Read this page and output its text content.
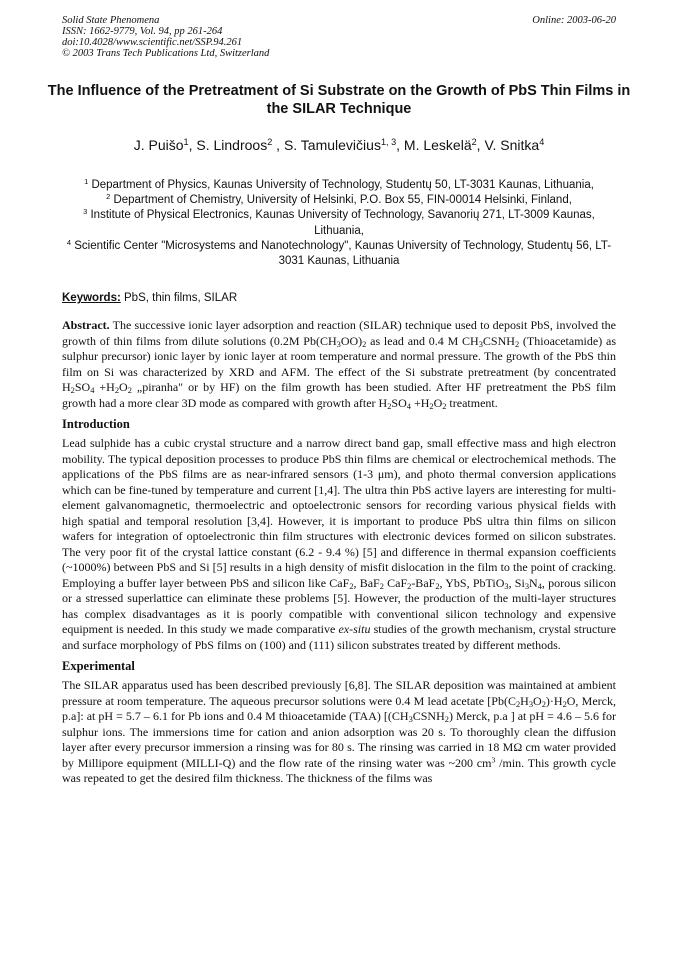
Solid State Phenomena
ISSN: 1662-9779, Vol. 94, pp 261-264
doi:10.4028/www.scientific.net/SSP.94.261
© 2003 Trans Tech Publications Ltd, Switzerland
Online: 2003-06-20
The Influence of the Pretreatment of Si Substrate on the Growth of PbS Thin Films in the SILAR Technique
J. Puišo$^1$, S. Lindroos$^2$ , S. Tamulevičius$^{1, 3}$, M. Leskelä$^2$, V. Snitka$^4$

$^1$ Department of Physics, Kaunas University of Technology, Studentų 50, LT-3031 Kaunas, Lithuania,

$^2$ Department of Chemistry, University of Helsinki, P.O. Box 55, FIN-00014 Helsinki, Finland,

$^3$ Institute of Physical Electronics, Kaunas University of Technology, Savanorių 271, LT-3009 Kaunas, Lithuania,

$^4$ Scientific Center "Microsystems and Nanotechnology", Kaunas University of Technology, Studentų 56, LT-3031 Kaunas, Lithuania

Keywords: PbS, thin films, SILAR

Abstract. The successive ionic layer adsorption and reaction (SILAR) technique used to deposit PbS, involved the growth of thin films from dilute solutions (0.2M $Pb(CH_3OO)_2$ as lead and 0.4 M $CH_3CSNH_2$ (Thioacetamide) as sulphur precursor) ionic layer by ionic layer at room temperature and normal pressure. The growth of the PbS thin film on Si was characterized by XRD and AFM. The effect of the Si substrate pretreatment (by concentrated $H_2SO_4 +H_2O_2$ „piranha" or by HF) on the film growth has been studied. After HF pretreatment the PbS film growth had a more clear 3D mode as compared with growth after $H_2SO_4 +H_2O_2$ treatment.

Introduction

Lead sulphide has a cubic crystal structure and a narrow direct band gap, small effective mass and high electron mobility. The typical deposition processes to produce PbS thin films are chemical or electrochemical methods. The applications of the PbS films are as near-infrared sensors (1-3 μm), and photo thermal conversion applications which can be fine-tuned by temperature and current [1,4]. The ultra thin PbS active layers are interesting for multi-element galvanomagnetic, thermoelectric and optoelectronic sensors for recording various physical fields with high spatial and temporal resolution [3,4]. However, it is important to produce PbS ultra thin films on silicon wafers for integration of optoelectronic thin film structures with electronic devices formed on silicon substrates. The very poor fit of the crystal lattice constant (6.2 - 9.4 %) [5] and difference in thermal expansion coefficients (~1000%) between PbS and Si [5] results in a high density of misfit dislocation in the film to the point of cracking. Employing a buffer layer between PbS and silicon like CaF$_2$, BaF$_2$ CaF$_2$-BaF$_2$, YbS, PbTiO$_3$, $Si_3N_4$, porous silicon or a stressed superlattice can eliminate these problems [5]. However, the production of the multi-layer structures has complex disadvantages as it is poorly compatible with conventional silicon technology and expensive equipment is needed. In this study we made comparative ex-situ studies of the growth mechanism, crystal structure and surface morphology of PbS films on (100) and (111) silicon substrates treated by different methods.

Experimental

The SILAR apparatus used has been described previously [6,8]. The SILAR deposition was maintained at ambient pressure at room temperature. The aqueous precursor solutions were 0.4 M lead acetate [$Pb(C_2H_3O_2)\cdot H_2O$, Merck, p.a]: at pH = 5.7 – 6.1 for Pb ions and 0.4 M thioacetamide (TAA) [$(CH_3CSNH_2)$ Merck, p.a ] at pH = 4.6 – 5.6 for sulphur ions. The immersions time for cation and anion adsorption was 20 s. To thoroughly clean the diffusion layer after every precursor immersion a rinsing was for 80 s. The rinsing was carried in 18 MΩ cm water provided by Millipore equipment (MILLI-Q) and the flow rate of the rinsing water was ~200 $cm^3$ /min. This growth cycle was repeated to get the desired film thickness. The thickness of the films was
